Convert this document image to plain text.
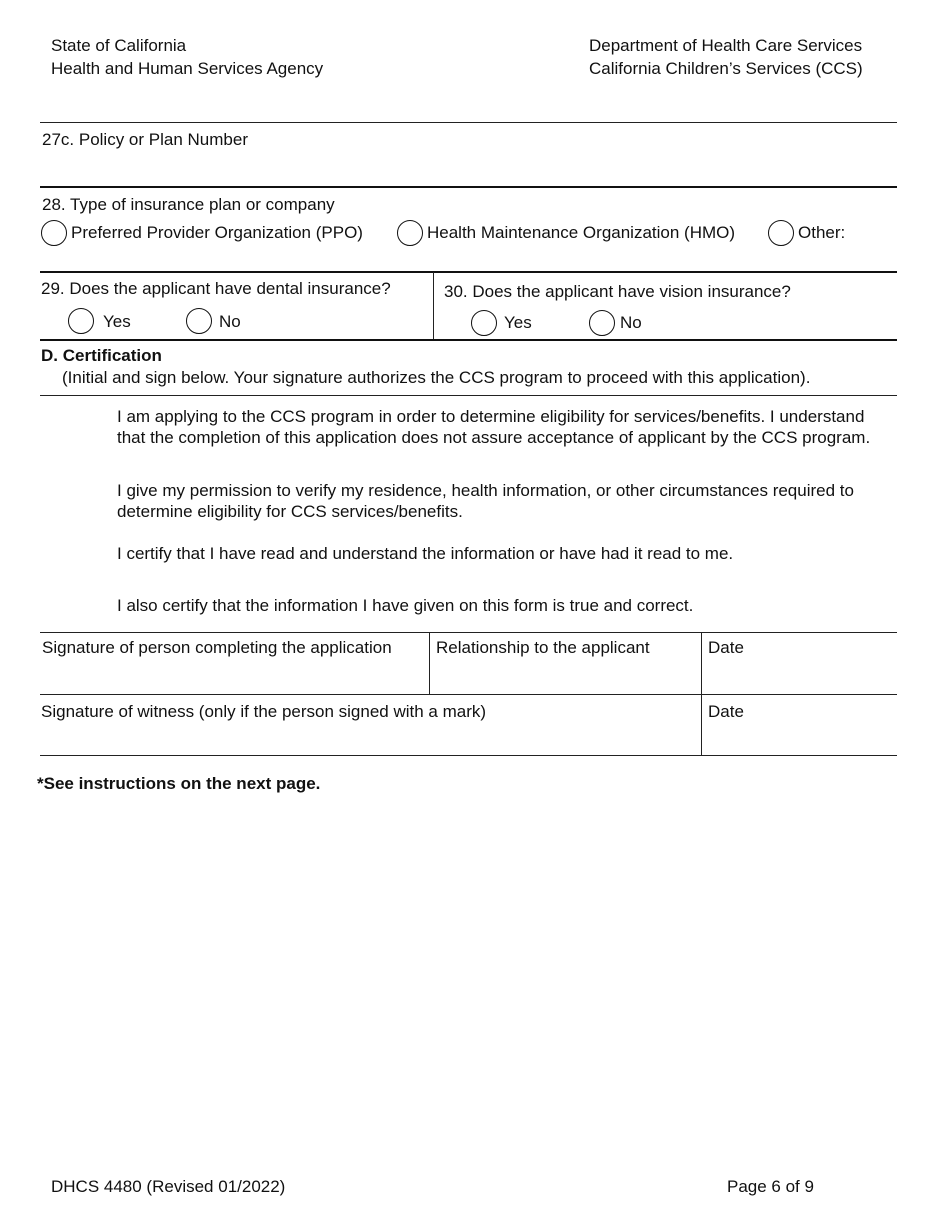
State of California
Health and Human Services Agency
Department of Health Care Services
California Children’s Services (CCS)
27c. Policy or Plan Number
28. Type of insurance plan or company
Preferred Provider Organization (PPO)	Health Maintenance Organization (HMO)	Other:
29. Does the applicant have dental insurance?
Yes	No
30. Does the applicant have vision insurance?
Yes	No
D. Certification
(Initial and sign below. Your signature authorizes the CCS program to proceed with this application).

I am applying to the CCS program in order to determine eligibility for services/benefits. I understand that the completion of this application does not assure acceptance of applicant by the CCS program.

I give my permission to verify my residence, health information, or other circumstances required to determine eligibility for CCS services/benefits.

I certify that I have read and understand the information or have had it read to me.

I also certify that the information I have given on this form is true and correct.

Signature of person completing the application	Relationship to the applicant	Date
Signature of witness (only if the person signed with a mark)	Date
*See instructions on the next page.
DHCS 4480 (Revised 01/2022)	Page 6 of 9
